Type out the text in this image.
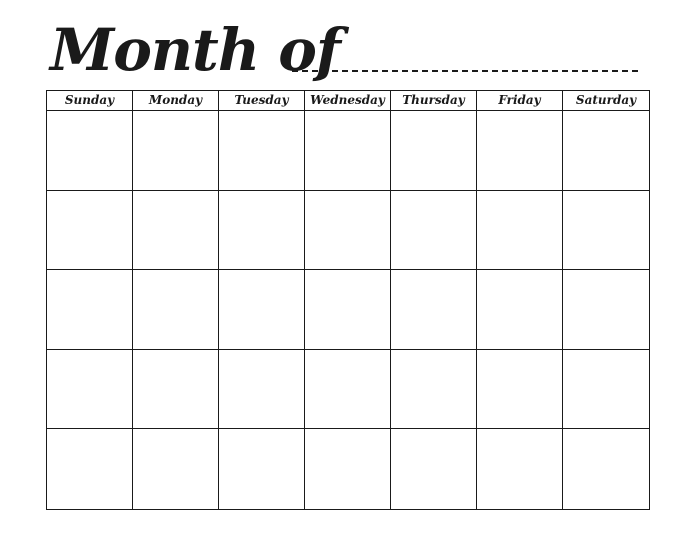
Month of
Sunday	Monday	Tuesday	Wednesday	Thursday	Friday	Saturday
